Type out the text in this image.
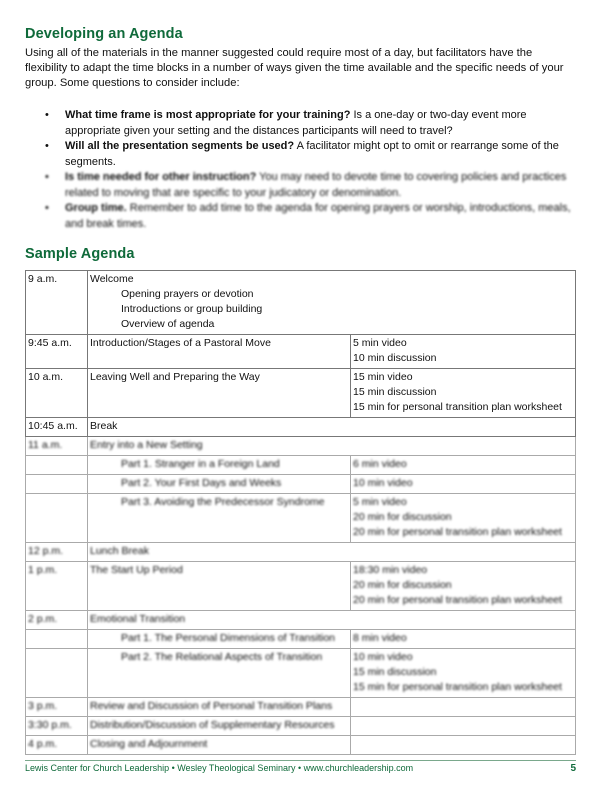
Developing an Agenda

Using all of the materials in the manner suggested could require most of a day, but facilitators have the flexibility to adapt the time blocks in a number of ways given the time available and the specific needs of your group. Some questions to consider include:

• What time frame is most appropriate for your training? Is a one-day or two-day event more appropriate given your setting and the distances participants will need to travel?
• Will all the presentation segments be used? A facilitator might opt to omit or rearrange some of the segments.
• Is time needed for other instruction? You may need to devote time to covering policies and practices related to moving that are specific to your judicatory or denomination.
• Group time. Remember to add time to the agenda for opening prayers or worship, introductions, meals, and break times.
Sample Agenda
9 a.m.	Welcome
Opening prayers or devotion
Introductions or group building
Overview of agenda	

9:45 a.m.	Introduction/Stages of a Pastoral Move	5 min video
10 min discussion

10 a.m.	Leaving Well and Preparing the Way	15 min video
15 min discussion
15 min for personal transition plan worksheet

10:45 a.m.	Break	

11 a.m.	Entry into a New Setting	

	Part 1. Stranger in a Foreign Land	6 min video

	Part 2. Your First Days and Weeks	10 min video

	Part 3. Avoiding the Predecessor Syndrome	5 min video
20 min for discussion
20 min for personal transition plan worksheet

12 p.m.	Lunch Break	

1 p.m.	The Start Up Period	18:30 min video
20 min for discussion
20 min for personal transition plan worksheet

2 p.m.	Emotional Transition	

	Part 1. The Personal Dimensions of Transition	8 min video

	Part 2. The Relational Aspects of Transition	10 min video
15 min discussion
15 min for personal transition plan worksheet

3 p.m.	Review and Discussion of Personal Transition Plans	

3:30 p.m.	Distribution/Discussion of Supplementary Resources	

4 p.m.	Closing and Adjournment	

Lewis Center for Church Leadership • Wesley Theological Seminary • www.churchleadership.com	5
